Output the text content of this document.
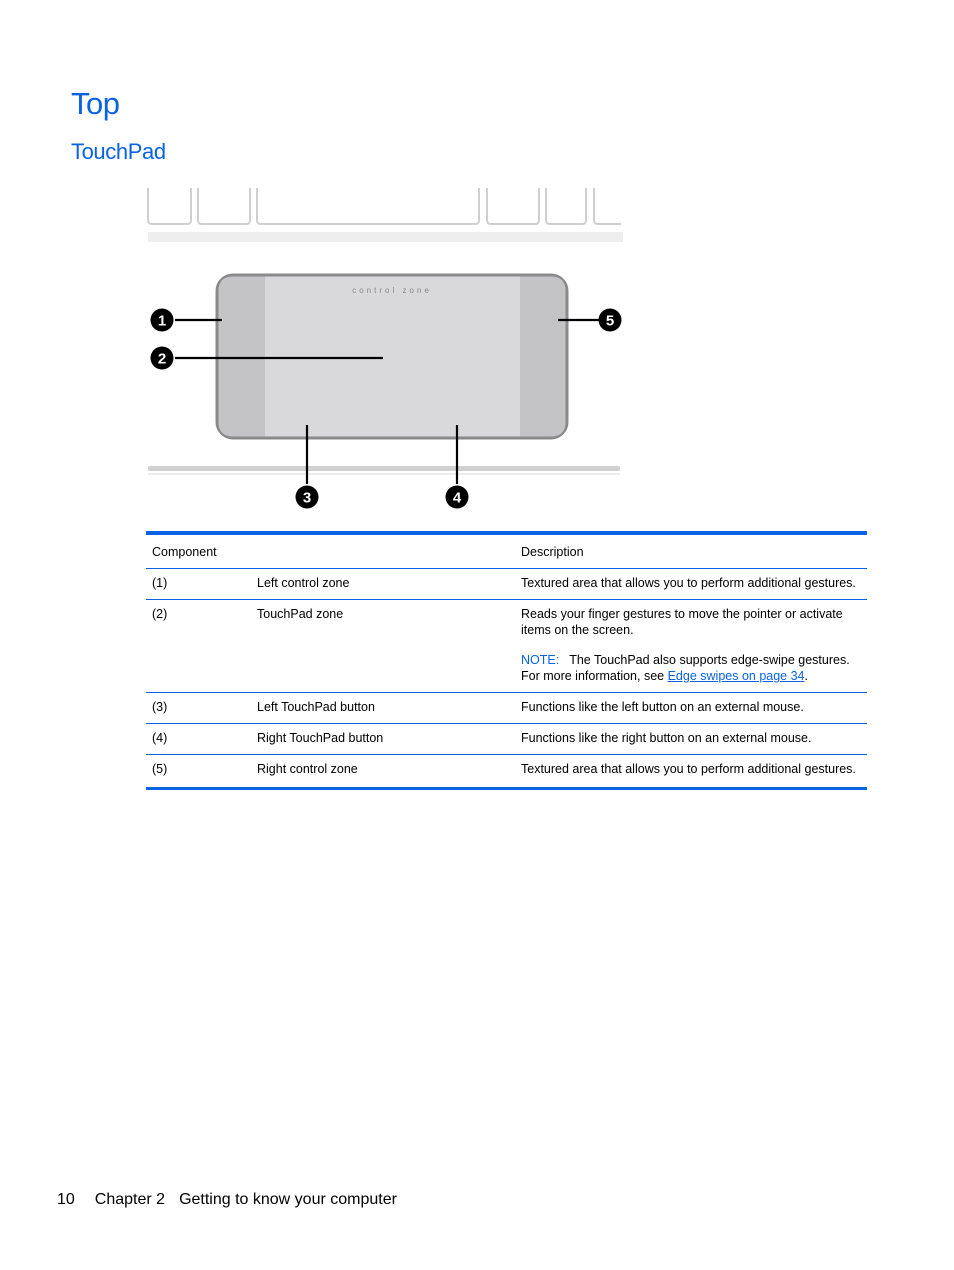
Top
TouchPad
control zone
1
2
3	4
5
Component		Description
(1)	Left control zone	Textured area that allows you to perform additional gestures.
(2)	TouchPad zone	Reads your finger gestures to move the pointer or activate items on the screen.
NOTE: The TouchPad also supports edge-swipe gestures. For more information, see Edge swipes on page 34.

(3)	Left TouchPad button	Functions like the left button on an external mouse.
(4)	Right TouchPad button	Functions like the right button on an external mouse.
(5)	Right control zone	Textured area that allows you to perform additional gestures.
10 Chapter 2 Getting to know your computer
